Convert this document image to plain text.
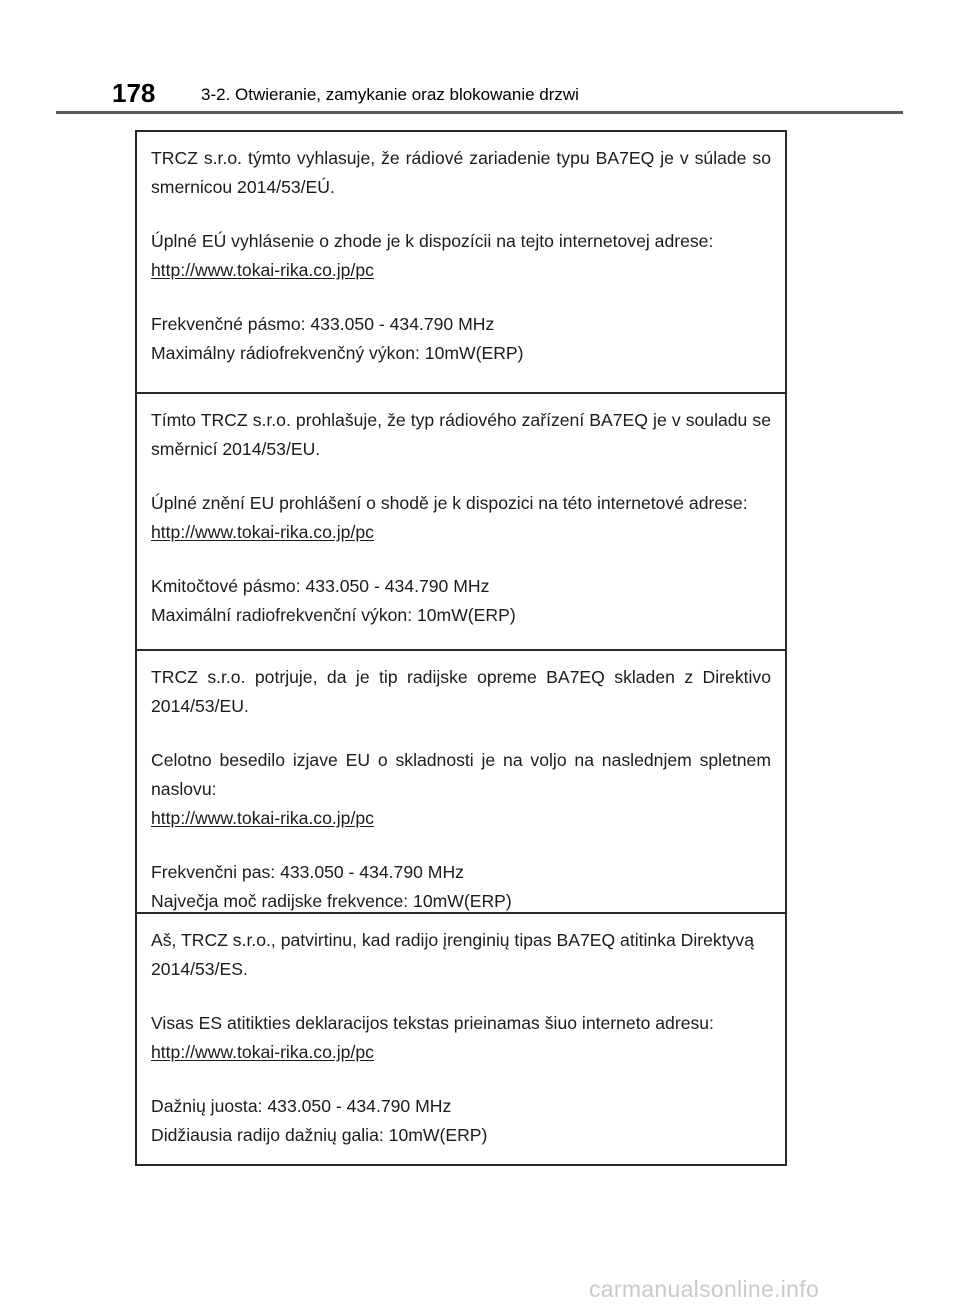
178	3-2. Otwieranie, zamykanie oraz blokowanie drzwi

TRCZ s.r.o. týmto vyhlasuje, že rádiové zariadenie typu BA7EQ je v súlade so smernicou 2014/53/EÚ.

Úplné EÚ vyhlásenie o zhode je k dispozícii na tejto internetovej adrese:

http://www.tokai-rika.co.jp/pc

Frekvenčné pásmo: 433.050 - 434.790 MHz

Maximálny rádiofrekvenčný výkon: 10mW(ERP)

Tímto TRCZ s.r.o. prohlašuje, že typ rádiového zařízení BA7EQ je v souladu se směrnicí 2014/53/EU.

Úplné znění EU prohlášení o shodě je k dispozici na této internetové adrese:

http://www.tokai-rika.co.jp/pc

Kmitočtové pásmo: 433.050 - 434.790 MHz

Maximální radiofrekvenční výkon: 10mW(ERP)

TRCZ s.r.o. potrjuje, da je tip radijske opreme BA7EQ skladen z Direktivo 2014/53/EU.

Celotno besedilo izjave EU o skladnosti je na voljo na naslednjem spletnem naslovu:

http://www.tokai-rika.co.jp/pc

Frekvenčni pas: 433.050 - 434.790 MHz

Največja moč radijske frekvence: 10mW(ERP)

Aš, TRCZ s.r.o., patvirtinu, kad radijo įrenginių tipas BA7EQ atitinka Direktyvą 2014/53/ES.

Visas ES atitikties deklaracijos tekstas prieinamas šiuo interneto adresu:

http://www.tokai-rika.co.jp/pc

Dažnių juosta: 433.050 - 434.790 MHz

Didžiausia radijo dažnių galia: 10mW(ERP)

carmanualsonline.info
